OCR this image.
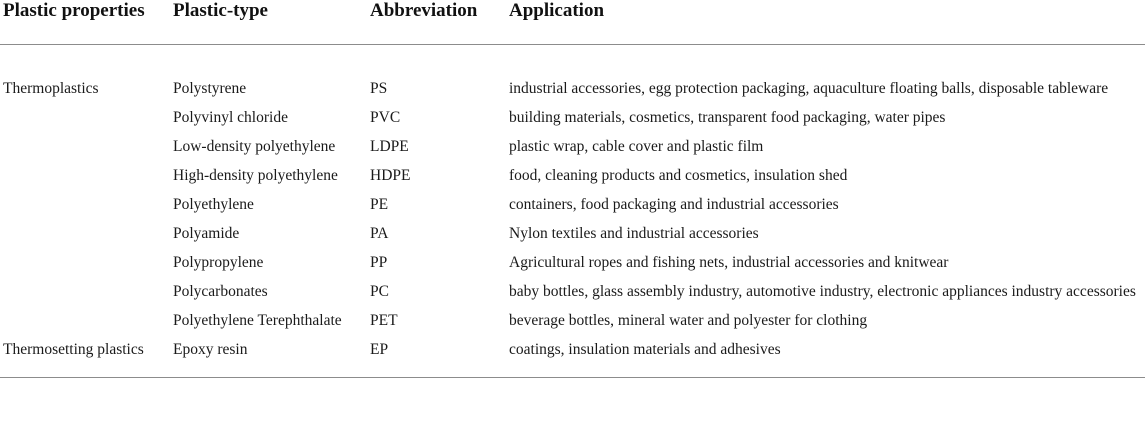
Plastic properties	Plastic-type	Abbreviation	Application
Thermoplastics	Polystyrene	PS	industrial accessories, egg protection packaging, aquaculture floating balls, disposable tableware
	Polyvinyl chloride	PVC	building materials, cosmetics, transparent food packaging, water pipes
	Low-density polyethylene	LDPE	plastic wrap, cable cover and plastic film
	High-density polyethylene	HDPE	food, cleaning products and cosmetics, insulation shed
	Polyethylene	PE	containers, food packaging and industrial accessories
	Polyamide	PA	Nylon textiles and industrial accessories
	Polypropylene	PP	Agricultural ropes and fishing nets, industrial accessories and knitwear
	Polycarbonates	PC	baby bottles, glass assembly industry, automotive industry, electronic appliances industry accessories
	Polyethylene Terephthalate	PET	beverage bottles, mineral water and polyester for clothing
Thermosetting plastics	Epoxy resin	EP	coatings, insulation materials and adhesives
